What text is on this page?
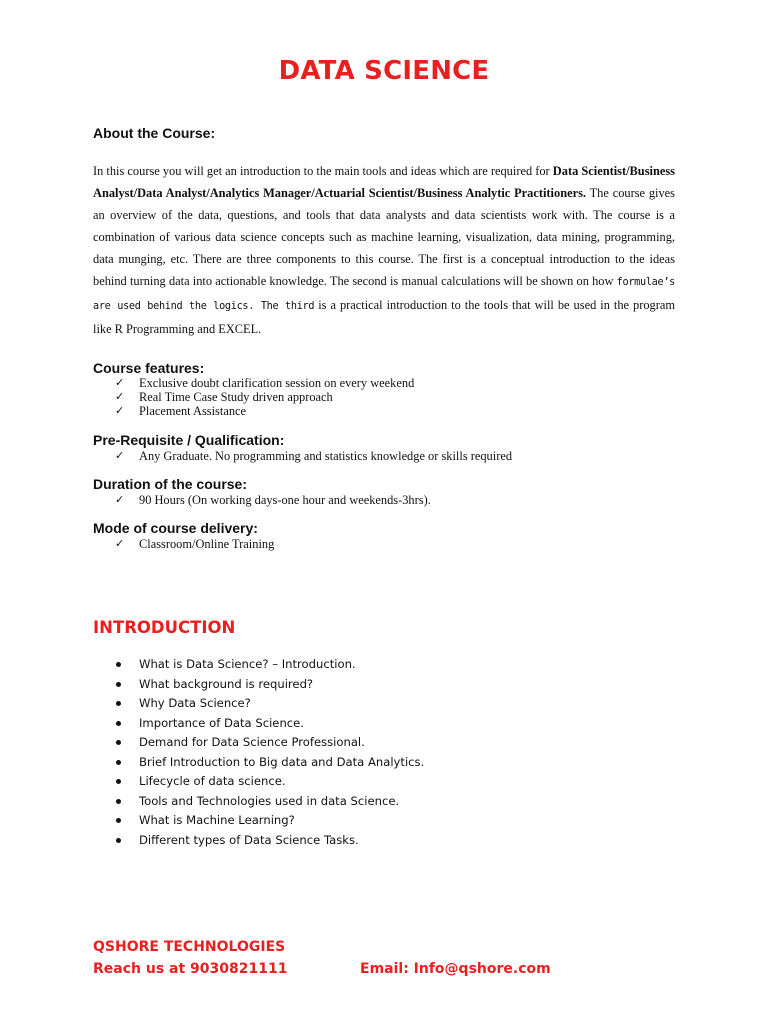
DATA SCIENCE
About the Course:
In this course you will get an introduction to the main tools and ideas which are required for Data Scientist/Business Analyst/Data Analyst/Analytics Manager/Actuarial Scientist/Business Analytic Practitioners. The course gives an overview of the data, questions, and tools that data analysts and data scientists work with. The course is a combination of various data science concepts such as machine learning, visualization, data mining, programming, data munging, etc. There are three components to this course. The first is a conceptual introduction to the ideas behind turning data into actionable knowledge. The second is manual calculations will be shown on how formulae’s are used behind the logics. The third is a practical introduction to the tools that will be used in the program like R Programming and EXCEL.
Course features:
✓ Exclusive doubt clarification session on every weekend
✓ Real Time Case Study driven approach
✓ Placement Assistance
Pre-Requisite / Qualification:
✓ Any Graduate. No programming and statistics knowledge or skills required
Duration of the course:
✓ 90 Hours (On working days-one hour and weekends-3hrs).
Mode of course delivery:
✓ Classroom/Online Training
INTRODUCTION
What is Data Science? – Introduction.
What background is required?
Why Data Science?
Importance of Data Science.
Demand for Data Science Professional.
Brief Introduction to Big data and Data Analytics.
Lifecycle of data science.
Tools and Technologies used in data Science.
What is Machine Learning?
Different types of Data Science Tasks.
QSHORE TECHNOLOGIES
Reach us at 9030821111	Email: Info@qshore.com
